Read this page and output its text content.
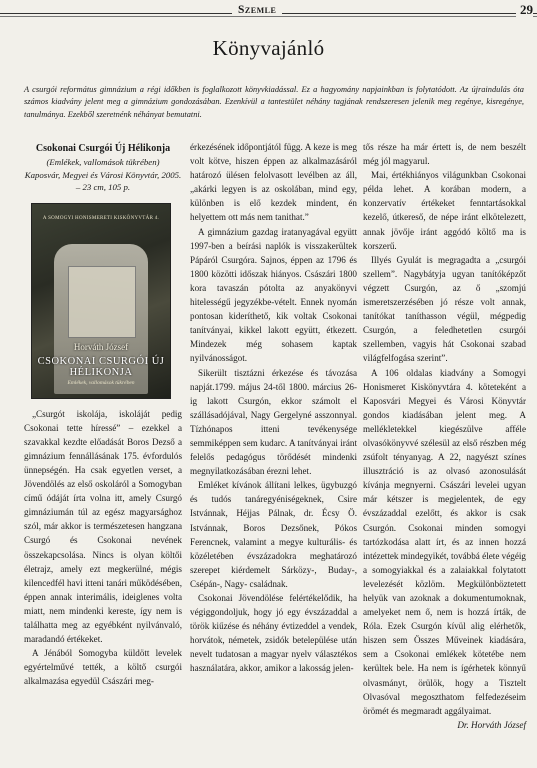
Szemle	29
Könyvajánló
A csurgói református gimnázium a régi időkben is foglalkozott könyvkiadással. Ez a hagyomány napjainkban is folytatódott. Az újraindulás óta számos kiadvány jelent meg a gimnázium gondozásában. Ezenkívül a tantestület néhány tagjának rendszeresen jelenik meg regénye, kisregénye, tanulmánya. Ezekből szeretnénk néhányat bemutatni.
Csokonai Csurgói Új Hélikonja
(Emlékek, vallomások tükrében)
Kaposvár, Megyei és Városi Könyvtár, 2005. – 23 cm, 105 p.
A SOMOGYI HONISMERETI KISKÖNYVTÁR 4.
Horváth József
CSOKONAI CSURGÓI ÚJ HÉLIKONJA
Emlékek, vallomások tükrében

„Csurgót iskolája, iskoláját pedig Csokonai tette híressé” – ezekkel a szavakkal kezdte előadását Boros Dezső a gimnázium fennállásának 175. évfordulós ünnepségén. Ha csak egyetlen verset, a Jövendölés az első oskoláról a Somogyban című ódáját írta volna itt, amely Csurgó gimnáziumán túl az egész magyarsághoz szól, már akkor is természetesen hangzana Csurgó és Csokonai nevének összekapcsolása. Nincs is olyan költői életrajz, amely ezt megkerülné, mégis kilencedfél havi itteni tanári működésében, éppen annak interimális, ideiglenes volta miatt, nem mindenki kereste, így nem is találhatta meg az egyébként nyilvánvaló, maradandó értékeket.

A Jénából Somogyba küldött levelek egyértelművé tették, a költő csurgói alkalmazása egyedül Császári meg-

érkezésének időpontjától függ. A keze is meg volt kötve, hiszen éppen az alkalmazásáról határozó ülésen felolvasott levélben az áll, „akárki legyen is az oskolában, mind egy, különben is elő kezdek mindent, én helyettem ott más nem tanithat.”

A gimnázium gazdag iratanyagával együtt 1997-ben a beírási naplók is visszakerültek Pápáról Csurgóra. Sajnos, éppen az 1796 és 1800 közötti időszak hiányos. Császári 1800 kora tavaszán pótolta az anyakönyvi hitelességű jegyzékbe-vételt. Ennek nyomán pontosan kideríthető, kik voltak Csokonai tanítványai, kikkel lakott együtt, étkezett. Mindezek még sohasem kaptak nyilvánosságot.

Sikerült tisztázni érkezése és távozása napját.1799. május 24-től 1800. március 26-ig lakott Csurgón, ekkor számolt el szállásadójával, Nagy Gergelyné asszonnyal. Tízhónapos itteni tevékenysége semmiképpen sem kudarc. A tanítványai iránt felelős pedagógus törődését mindenki megnyilatkozásában érezni lehet.

Emléket kívánok állítani lelkes, ügybuzgó és tudós tanáregyéniségeknek, Csire Istvánnak, Héjjas Pálnak, dr. Écsy Ö. Istvánnak, Boros Dezsőnek, Pókos Ferencnek, valamint a megye kulturális- és közéletében évszázadokra meghatározó szerepet kiérdemelt Sárközy-, Buday-, Csépán-, Nagy- családnak.

Csokonai Jövendölése felértékelődik, ha végiggondoljuk, hogy jó egy évszázaddal a török kiűzése és néhány évtizeddel a vendek, horvátok, németek, zsidók betelepülése után nevelt tudatosan a magyar nyelv választékos használatára, akkor, amikor a lakosság jelen-

tős része ha már értett is, de nem beszélt még jól magyarul.

Mai, értékhiányos világunkban Csokonai példa lehet. A korában modern, a konzervatív értékeket fenntartásokkal kezelő, útkereső, de népe iránt elkötelezett, annak jövője iránt aggódó költő ma is korszerű.

Illyés Gyulát is megragadta a „csurgói szellem”. Nagybátyja ugyan tanítóképzőt végzett Csurgón, az ő „szomjú ismeretszerzésében jó része volt annak, tanítókat taníthasson végül, mégpedig Csurgón, a feledhetetlen csurgói szellemben, vagyis hát Csokonai szabad világfelfogása szerint”.

A 106 oldalas kiadvány a Somogyi Honismeret Kiskönyvtára 4. köteteként a Kaposvári Megyei és Városi Könyvtár gondos kiadásában jelent meg. A mellékletekkel kiegészülve afféle olvasókönyvvé szélesül az első részben még zsúfolt tényanyag. A 22, nagyészt színes illusztráció is az olvasó azonosulását kívánja megnyerni. Császári levelei ugyan már kétszer is megjelentek, de egy évszázaddal ezelőtt, és akkor is csak Csurgón. Csokonai minden somogyi tartózkodása alatt írt, és az innen hozzá intézettek mindegyikét, továbbá élete végéig a somogyiakkal és a zalaiakkal folytatott levelezését közlöm. Megkülönböztetett helyük van azoknak a dokumentumoknak, amelyeket nem ő, nem is hozzá írták, de Róla. Ezek Csurgón kívül alig elérhetők, hiszen sem Összes Műveinek kiadására, sem a Csokonai emlékek kötetébe nem kerültek bele. Ha nem is ígérhetek könnyű olvasmányt, örülök, hogy a Tisztelt Olvasóval megoszthatom felfedezéseim örömét és megmaradt aggályaimat.

Dr. Horváth József
